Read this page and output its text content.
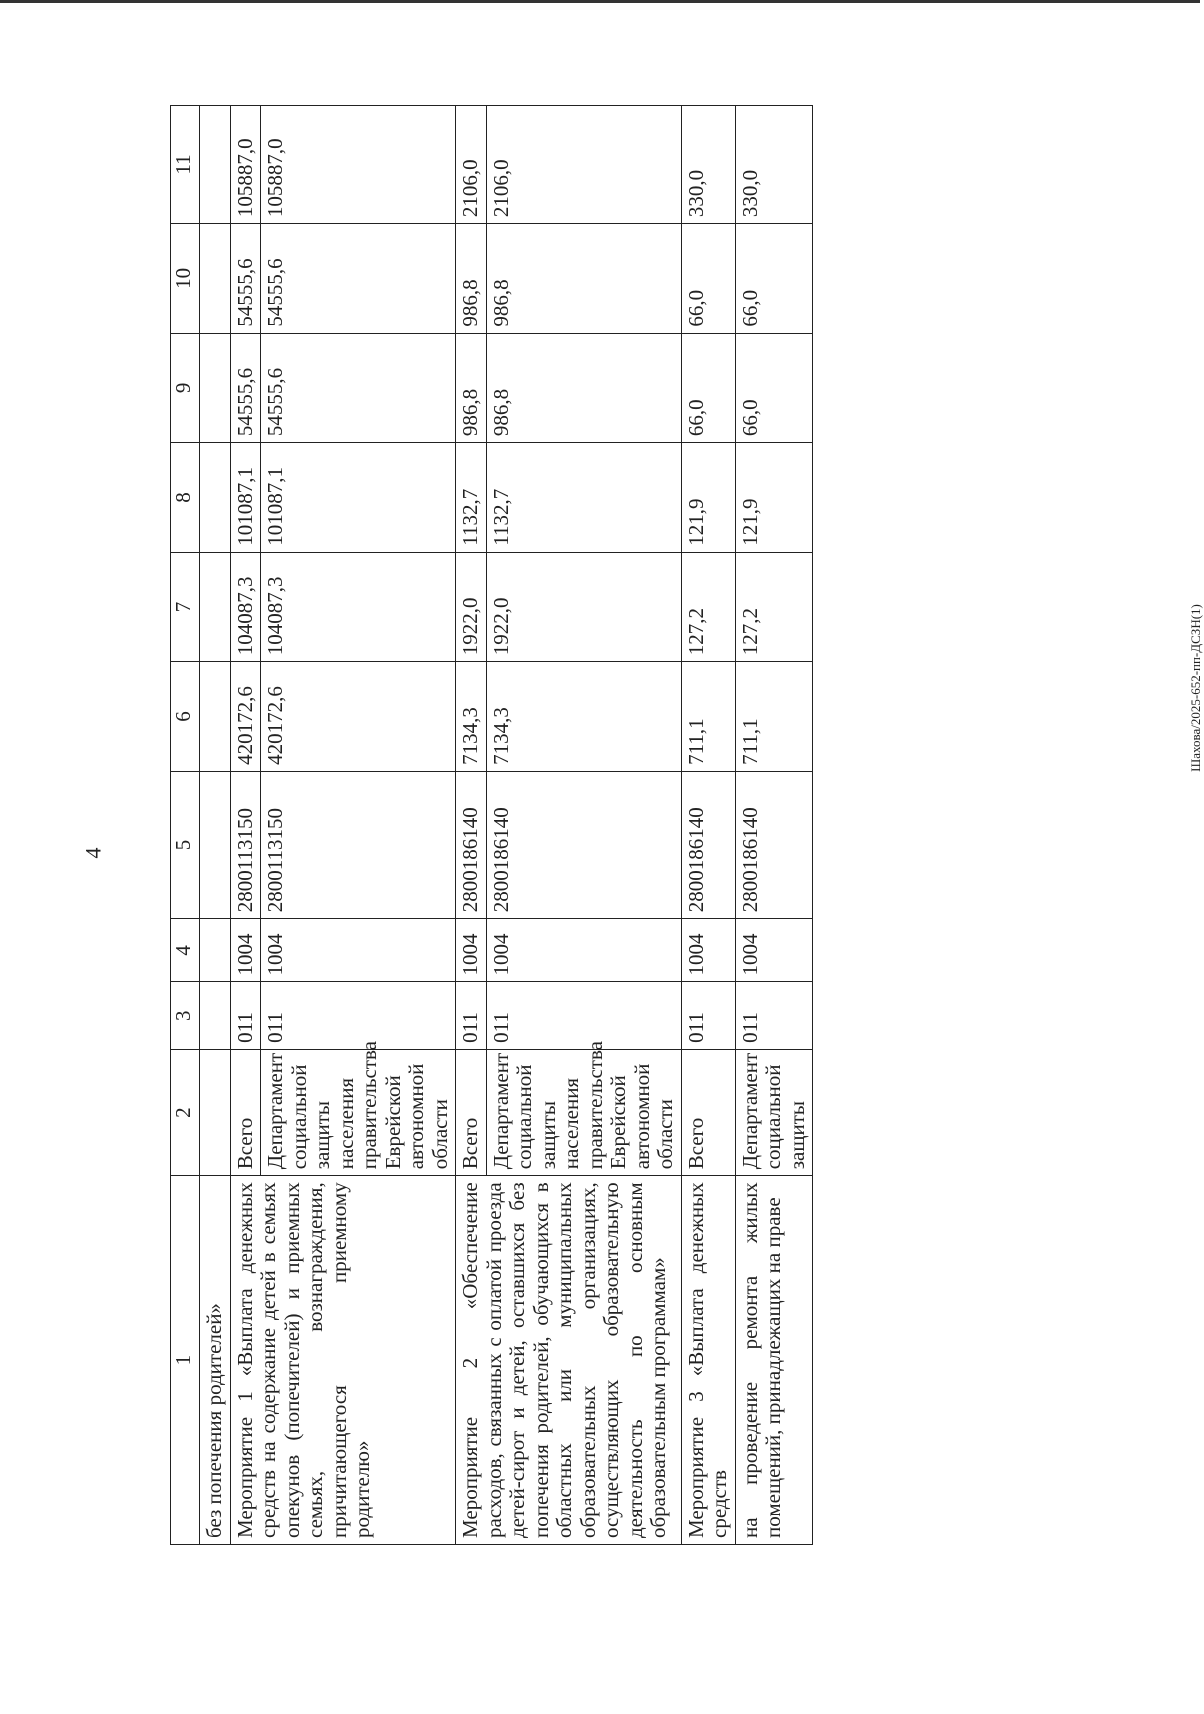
4
Шахова/2025-652-пп-ДСЗН(1)
1	2	3	4	5	6	7	8	9	10	11
без попечения родителей»										
Мероприятие 1 «Выплата денежных средств на содержание детей в семьях опекунов (попечителей) и приемных семьях, вознаграждения, причитающегося приемному родителю»	Всего	011	1004	2800113150	420172,6	104087,3	101087,1	54555,6	54555,6	105887,0
	Департамент социальной защиты населения правительства Еврейской автономной области	011	1004	2800113150	420172,6	104087,3	101087,1	54555,6	54555,6	105887,0
Мероприятие 2 «Обеспечение расходов, связанных с оплатой проезда детей-сирот и детей, оставшихся без попечения родителей, обучающихся в областных или муниципальных образовательных организациях, осуществляющих образовательную деятельность по основным образовательным программам»	Всего	011	1004	2800186140	7134,3	1922,0	1132,7	986,8	986,8	2106,0
	Департамент социальной защиты населения правительства Еврейской автономной области	011	1004	2800186140	7134,3	1922,0	1132,7	986,8	986,8	2106,0
Мероприятие 3 «Выплата денежных средств	Всего	011	1004	2800186140	711,1	127,2	121,9	66,0	66,0	330,0
на проведение ремонта жилых помещений, принадлежащих на праве	Департамент социальной защиты	011	1004	2800186140	711,1	127,2	121,9	66,0	66,0	330,0
